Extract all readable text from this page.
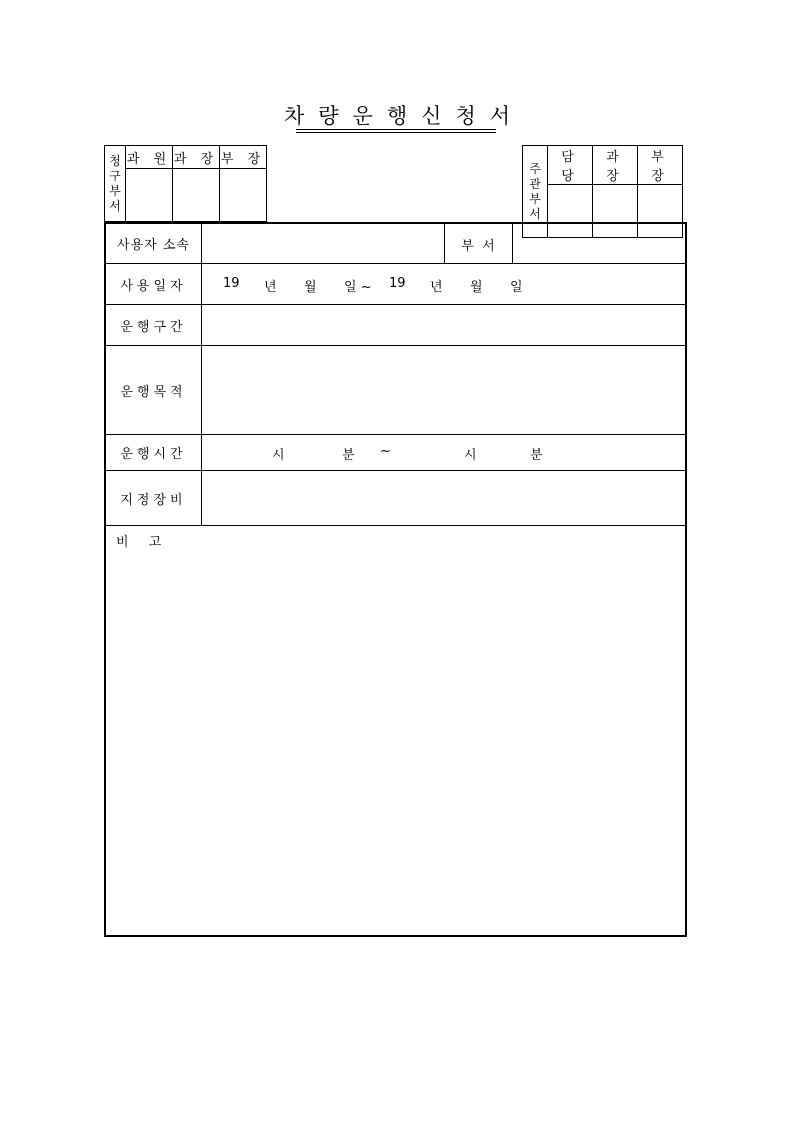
차 량 운 행 신 청 서
청
구
부
서	과 원	과 장	부 장

주
관
부
서	담 당	과 장	부 장

사용자 소속	부  서
사용일자	19 년 월 일 ~ 19 년 월 일
운행구간
운행목적
운행시간	시	분 ~	시	분
지정장비
비 고
